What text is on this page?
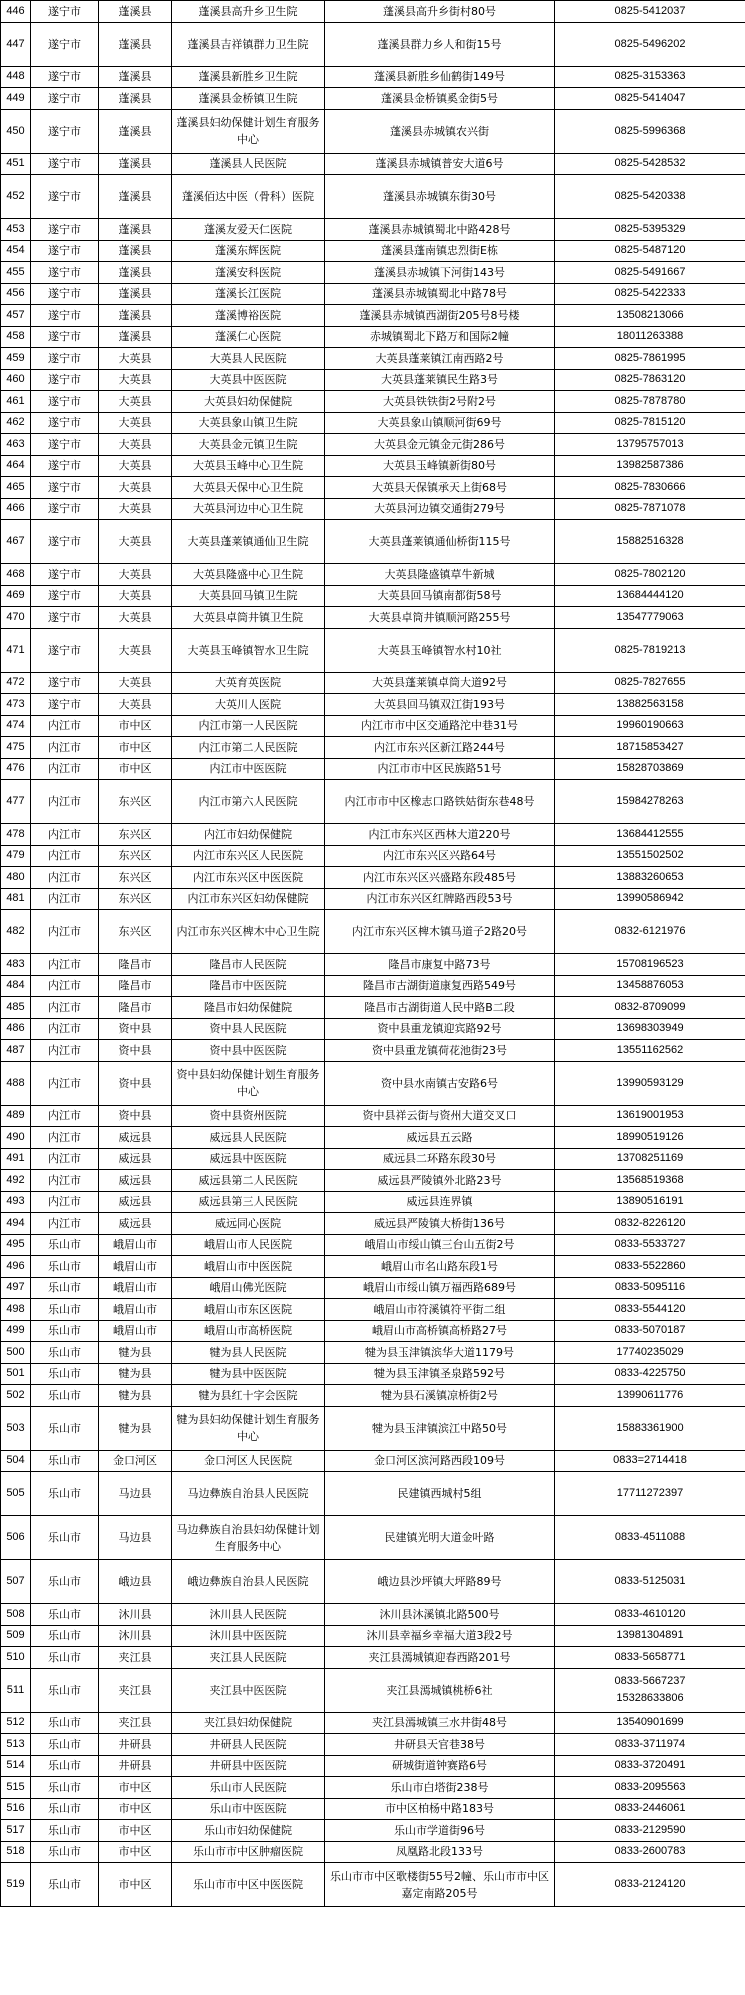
446	遂宁市	蓬溪县	蓬溪县高升乡卫生院	蓬溪县高升乡街村80号	0825-5412037
447	遂宁市	蓬溪县	蓬溪县吉祥镇群力卫生院	蓬溪县群力乡人和街15号	0825-5496202
448	遂宁市	蓬溪县	蓬溪县新胜乡卫生院	蓬溪县新胜乡仙鹤街149号	0825-3153363
449	遂宁市	蓬溪县	蓬溪县金桥镇卫生院	蓬溪县金桥镇奚金街5号	0825-5414047
450	遂宁市	蓬溪县	蓬溪县妇幼保健计划生育服务中心	蓬溪县赤城镇农兴街	0825-5996368
451	遂宁市	蓬溪县	蓬溪县人民医院	蓬溪县赤城镇普安大道6号	0825-5428532
452	遂宁市	蓬溪县	蓬溪佰达中医（骨科）医院	蓬溪县赤城镇东街30号	0825-5420338
453	遂宁市	蓬溪县	蓬溪友爱天仁医院	蓬溪县赤城镇蜀北中路428号	0825-5395329
454	遂宁市	蓬溪县	蓬溪东辉医院	蓬溪县蓬南镇忠烈街E栋	0825-5487120
455	遂宁市	蓬溪县	蓬溪安科医院	蓬溪县赤城镇下河街143号	0825-5491667
456	遂宁市	蓬溪县	蓬溪长江医院	蓬溪县赤城镇蜀北中路78号	0825-5422333
457	遂宁市	蓬溪县	蓬溪博裕医院	蓬溪县赤城镇西湖街205号8号楼	13508213066
458	遂宁市	蓬溪县	蓬溪仁心医院	赤城镇蜀北下路万和国际2幢	18011263388
459	遂宁市	大英县	大英县人民医院	大英县蓬莱镇江南西路2号	0825-7861995
460	遂宁市	大英县	大英县中医医院	大英县蓬莱镇民生路3号	0825-7863120
461	遂宁市	大英县	大英县妇幼保健院	大英县铁铁街2号附2号	0825-7878780
462	遂宁市	大英县	大英县象山镇卫生院	大英县象山镇顺河街69号	0825-7815120
463	遂宁市	大英县	大英县金元镇卫生院	大英县金元镇金元街286号	13795757013
464	遂宁市	大英县	大英县玉峰中心卫生院	大英县玉峰镇新街80号	13982587386
465	遂宁市	大英县	大英县天保中心卫生院	大英县天保镇承天上街68号	0825-7830666
466	遂宁市	大英县	大英县河边中心卫生院	大英县河边镇交通街279号	0825-7871078
467	遂宁市	大英县	大英县蓬莱镇通仙卫生院	大英县蓬莱镇通仙桥街115号	15882516328
468	遂宁市	大英县	大英县隆盛中心卫生院	大英县隆盛镇草牛新城	0825-7802120
469	遂宁市	大英县	大英县回马镇卫生院	大英县回马镇南都街58号	13684444120
470	遂宁市	大英县	大英县卓筒井镇卫生院	大英县卓筒井镇顺河路255号	13547779063
471	遂宁市	大英县	大英县玉峰镇智水卫生院	大英县玉峰镇智水村10社	0825-7819213
472	遂宁市	大英县	大英育英医院	大英县蓬莱镇卓筒大道92号	0825-7827655
473	遂宁市	大英县	大英川人医院	大英县回马镇双江街193号	13882563158
474	内江市	市中区	内江市第一人民医院	内江市市中区交通路沱中巷31号	19960190663
475	内江市	市中区	内江市第二人民医院	内江市东兴区新江路244号	18715853427
476	内江市	市中区	内江市中医医院	内江市市中区民族路51号	15828703869
477	内江市	东兴区	内江市第六人民医院	内江市市中区橡志口路铁姑街东巷48号	15984278263
478	内江市	东兴区	内江市妇幼保健院	内江市东兴区西林大道220号	13684412555
479	内江市	东兴区	内江市东兴区人民医院	内江市东兴区兴路64号	13551502502
480	内江市	东兴区	内江市东兴区中医医院	内江市东兴区兴盛路东段485号	13883260653
481	内江市	东兴区	内江市东兴区妇幼保健院	内江市东兴区红牌路西段53号	13990586942
482	内江市	东兴区	内江市东兴区椑木中心卫生院	内江市东兴区椑木镇马道子2路20号	0832-6121976
483	内江市	隆昌市	隆昌市人民医院	隆昌市康复中路73号	15708196523
484	内江市	隆昌市	隆昌市中医医院	隆昌市古湖街道康复西路549号	13458876053
485	内江市	隆昌市	隆昌市妇幼保健院	隆昌市古湖街道人民中路B二段	0832-8709099
486	内江市	资中县	资中县人民医院	资中县重龙镇迎宾路92号	13698303949
487	内江市	资中县	资中县中医医院	资中县重龙镇荷花池街23号	13551162562
488	内江市	资中县	资中县妇幼保健计划生育服务中心	资中县水南镇古安路6号	13990593129
489	内江市	资中县	资中县资州医院	资中县祥云街与资州大道交叉口	13619001953
490	内江市	威远县	威远县人民医院	威远县五云路	18990519126
491	内江市	威远县	威远县中医医院	威远县二环路东段30号	13708251169
492	内江市	威远县	威远县第二人民医院	威远县严陵镇外北路23号	13568519368
493	内江市	威远县	威远县第三人民医院	威远县连界镇	13890516191
494	内江市	威远县	威远同心医院	威远县严陵镇大桥街136号	0832-8226120
495	乐山市	峨眉山市	峨眉山市人民医院	峨眉山市绥山镇三台山五街2号	0833-5533727
496	乐山市	峨眉山市	峨眉山市中医医院	峨眉山市名山路东段1号	0833-5522860
497	乐山市	峨眉山市	峨眉山佛光医院	峨眉山市绥山镇万福西路689号	0833-5095116
498	乐山市	峨眉山市	峨眉山市东区医院	峨眉山市符溪镇符平街二组	0833-5544120
499	乐山市	峨眉山市	峨眉山市高桥医院	峨眉山市高桥镇高桥路27号	0833-5070187
500	乐山市	犍为县	犍为县人民医院	犍为县玉津镇滨华大道1179号	17740235029
501	乐山市	犍为县	犍为县中医医院	犍为县玉津镇圣泉路592号	0833-4225750
502	乐山市	犍为县	犍为县红十字会医院	犍为县石溪镇凉桥街2号	13990611776
503	乐山市	犍为县	犍为县妇幼保健计划生育服务中心	犍为县玉津镇滨江中路50号	15883361900
504	乐山市	金口河区	金口河区人民医院	金口河区滨河路西段109号	0833=2714418
505	乐山市	马边县	马边彝族自治县人民医院	民建镇西城村5组	17711272397
506	乐山市	马边县	马边彝族自治县妇幼保健计划生育服务中心	民建镇光明大道金叶路	0833-4511088
507	乐山市	峨边县	峨边彝族自治县人民医院	峨边县沙坪镇大坪路89号	0833-5125031
508	乐山市	沐川县	沐川县人民医院	沐川县沐溪镇北路500号	0833-4610120
509	乐山市	沐川县	沐川县中医医院	沐川县幸福乡幸福大道3段2号	13981304891
510	乐山市	夹江县	夹江县人民医院	夹江县漹城镇迎春西路201号	0833-5658771
511	乐山市	夹江县	夹江县中医医院	夹江县漹城镇桃桥6社	0833-5667237
15328633806
512	乐山市	夹江县	夹江县妇幼保健院	夹江县漹城镇三水井街48号	13540901699
513	乐山市	井研县	井研县人民医院	井研县天官巷38号	0833-3711974
514	乐山市	井研县	井研县中医医院	研城街道钟赛路6号	0833-3720491
515	乐山市	市中区	乐山市人民医院	乐山市白塔街238号	0833-2095563
516	乐山市	市中区	乐山市中医医院	市中区柏杨中路183号	0833-2446061
517	乐山市	市中区	乐山市妇幼保健院	乐山市学道街96号	0833-2129590
518	乐山市	市中区	乐山市市中区肿瘤医院	凤凰路北段133号	0833-2600783
519	乐山市	市中区	乐山市市中区中医医院	乐山市市中区歌楼街55号2幢、乐山市市中区嘉定南路205号	0833-2124120
